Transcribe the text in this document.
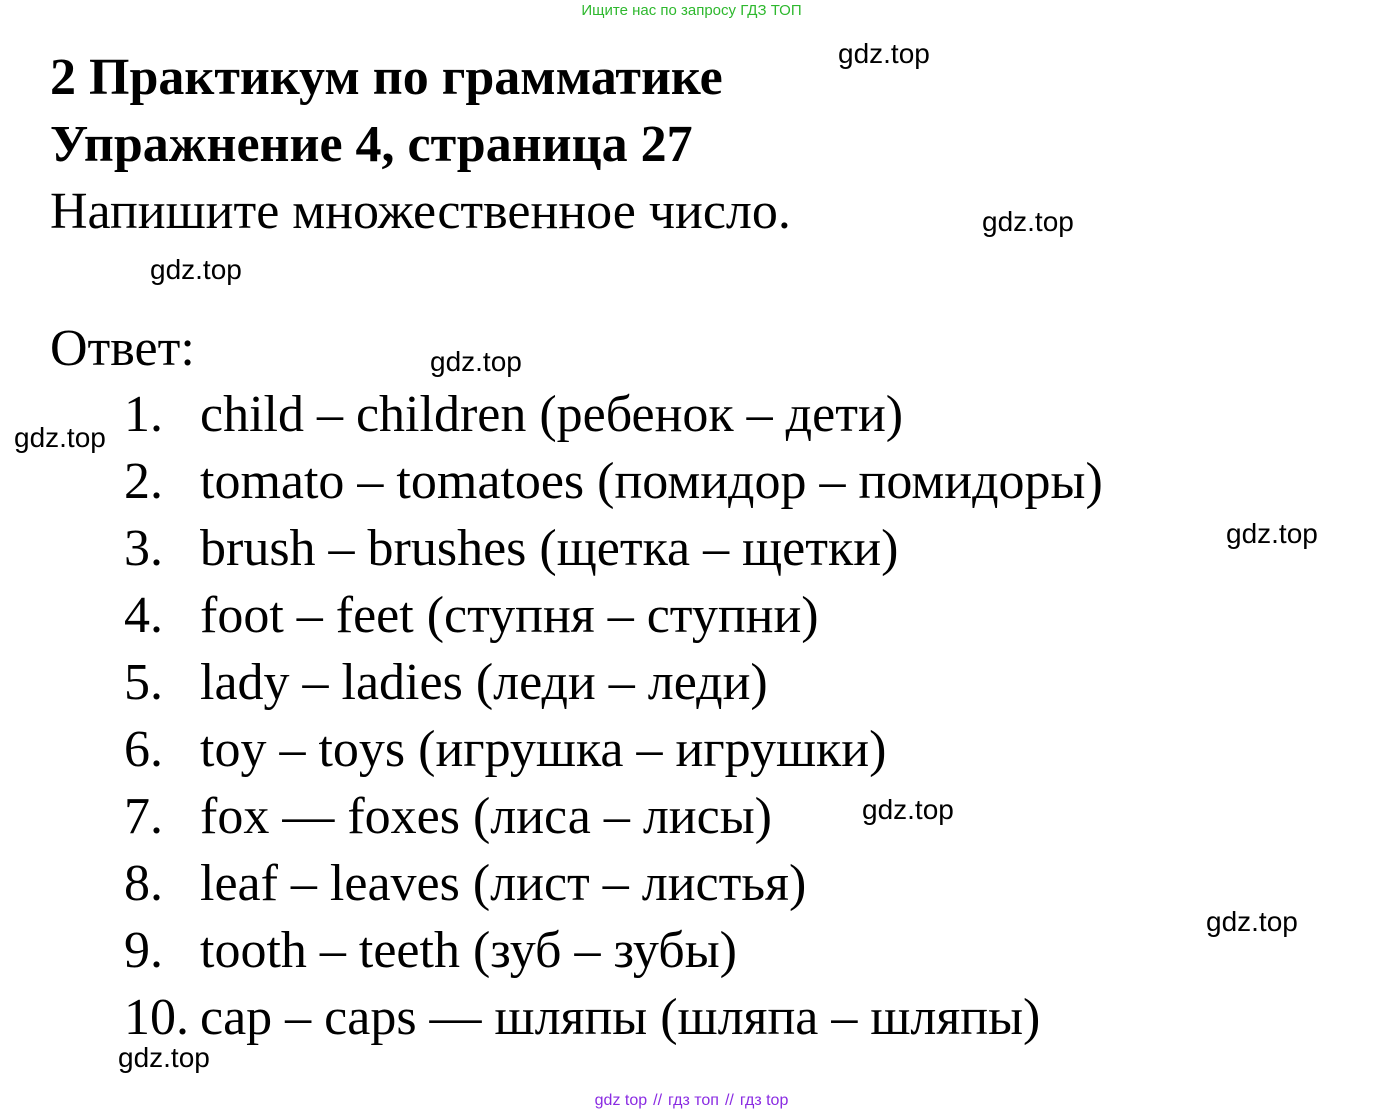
Ищите нас по запросу ГДЗ ТОП
2 Практикум по грамматике
Упражнение 4, страница 27
Напишите множественное число.
Ответ:
1. child – children (ребенок – дети)
2. tomato – tomatoes (помидор – помидоры)
3. brush – brushes (щетка – щетки)
4. foot – feet (ступня – ступни)
5. lady – ladies (леди – леди)
6. toy – toys (игрушка – игрушки)
7. fox — foxes (лиса – лисы)
8. leaf – leaves (лист – листья)
9. tooth – teeth (зуб – зубы)
10. cap – caps — шляпы (шляпа – шляпы)
gdz.top
gdz.top
gdz.top
gdz.top
gdz.top
gdz.top
gdz.top
gdz.top
gdz.top
gdz top // гдз топ // гдз top
